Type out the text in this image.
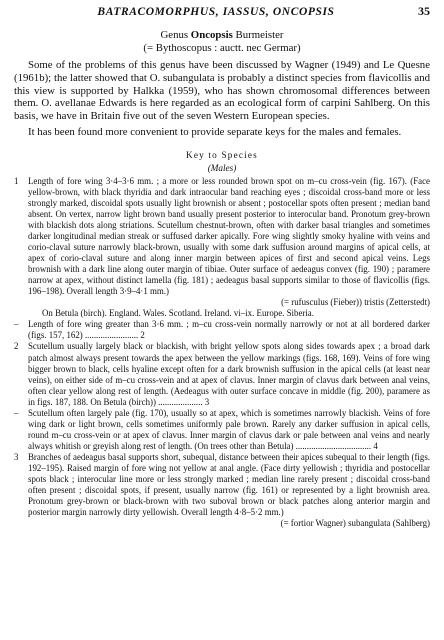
BATRACOMORPHUS, IASSUS, ONCOPSIS	35
Genus Oncopsis Burmeister
(= Bythoscopus : auctt. nec Germar)

Some of the problems of this genus have been discussed by Wagner (1949) and Le Quesne (1961b); the latter showed that O. subangulata is probably a distinct species from flavicollis and this view is supported by Halkka (1959), who has shown chromosomal differences between them. O. avellanae Edwards is here regarded as an ecological form of carpini Sahlberg. On this basis, we have in Britain five out of the seven Western European species.

It has been found more convenient to provide separate keys for the males and females.

Key to Species
(Males)
1	Length of fore wing 3·4–3·6 mm. ; a more or less rounded brown spot on m–cu cross-vein (fig. 167). (Face yellow-brown, with black thyridia and dark intraocular band reaching eyes ; discoidal cross-band more or less strongly marked, discoidal spots usually light brownish or absent ; postocellar spots often present ; median band absent. On vertex, narrow light brown band usually present posterior to interocular band. Pronotum grey-brown with blackish dots along striations. Scutellum chestnut-brown, often with darker basal triangles and sometimes darker longitudinal median streak or suffused darker apically. Fore wing slightly smoky hyaline with veins and corio-claval suture narrowly black-brown, usually with some dark suffusion around margins of apical cells, at apex of corio-claval suture and along inner margin between apices of first and second apical veins. Legs brownish with a dark line along outer margin of tibiae. Outer surface of aedeagus convex (fig. 190) ; paramere narrow at apex, without distinct lamella (fig. 181) ; aedeagus basal supports similar to those of flavicollis (figs. 196–198). Overall length 3·9–4·1 mm.)
(= rufusculus (Fieber)) tristis (Zetterstedt)
On Betula (birch). England. Wales. Scotland. Ireland. vi–ix. Europe. Siberia.
–	Length of fore wing greater than 3·6 mm. ; m–cu cross-vein normally narrowly or not at all bordered darker (figs. 157, 162) ........................ 2
2	Scutellum usually largely black or blackish, with bright yellow spots along sides towards apex ; a broad dark patch almost always present towards the apex between the yellow markings (figs. 168, 169). Veins of fore wing bigger brown to black, cells hyaline except often for a dark brownish suffusion in the apical cells (at least near veins), on either side of m–cu cross-vein and at apex of clavus. Inner margin of clavus dark between anal veins, often clear yellow along rest of length. (Aedeagus with outer surface concave in middle (fig. 200), paramere as in figs. 187, 188. On Betula (birch)) .................... 3
–	Scutellum often largely pale (fig. 170), usually so at apex, which is sometimes narrowly blackish. Veins of fore wing dark or light brown, cells sometimes uniformly pale brown. Rarely any darker suffusion in apical cells, round m–cu cross-vein or at apex of clavus. Inner margin of clavus dark or pale between anal veins and nearly always whitish or greyish along rest of length. (On trees other than Betula) .................................. 4
3	Branches of aedeagus basal supports short, subequal, distance between their apices subequal to their length (figs. 192–195). Raised margin of fore wing not yellow at anal angle. (Face dirty yellowish ; thyridia and postocellar spots black ; interocular line more or less strongly marked ; median line rarely present ; discoidal cross-band often present ; discoidal spots, if present, usually narrow (fig. 161) or represented by a light brownish area. Pronotum grey-brown or black-brown with two suboval brown or black patches along anterior margin and posterior margin narrowly dirty yellowish. Overall length 4·8–5·2 mm.)
(= fortior Wagner) subangulata (Sahlberg)
